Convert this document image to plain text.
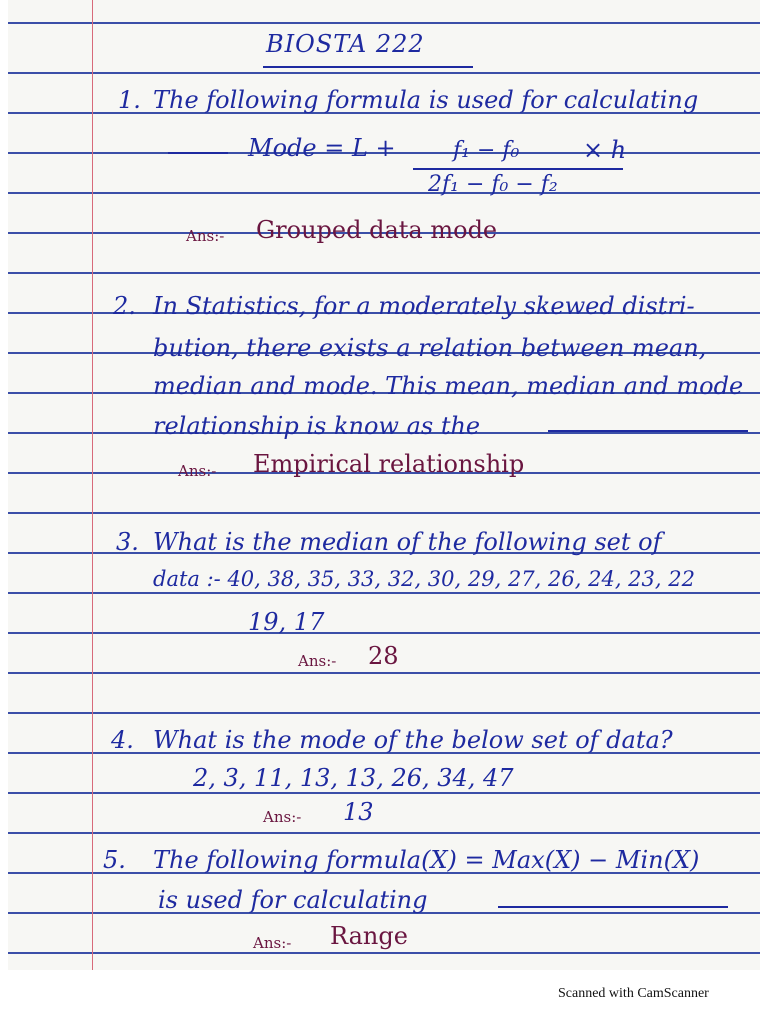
BIOSTA 222
1. The following formula is used for calculating
Mode = L +	f₁ − f₀
2f₁ − f₀ − f₂
× h
Ans:- Grouped data mode
2. In Statistics, for a moderately skewed distri-
bution, there exists a relation between mean,
median and mode. This mean, median and mode
relationship is know as the
Ans:- Empirical relationship
3. What is the median of the following set of
data :- 40, 38, 35, 33, 32, 30, 29, 27, 26, 24, 23, 22
19, 17
Ans:- 28
4. What is the mode of the below set of data?
2, 3, 11, 13, 13, 26, 34, 47
Ans:- 13
5. The following formula(X) = Max(X) − Min(X)
is used for calculating
Ans:- Range
Scanned with CamScanner
